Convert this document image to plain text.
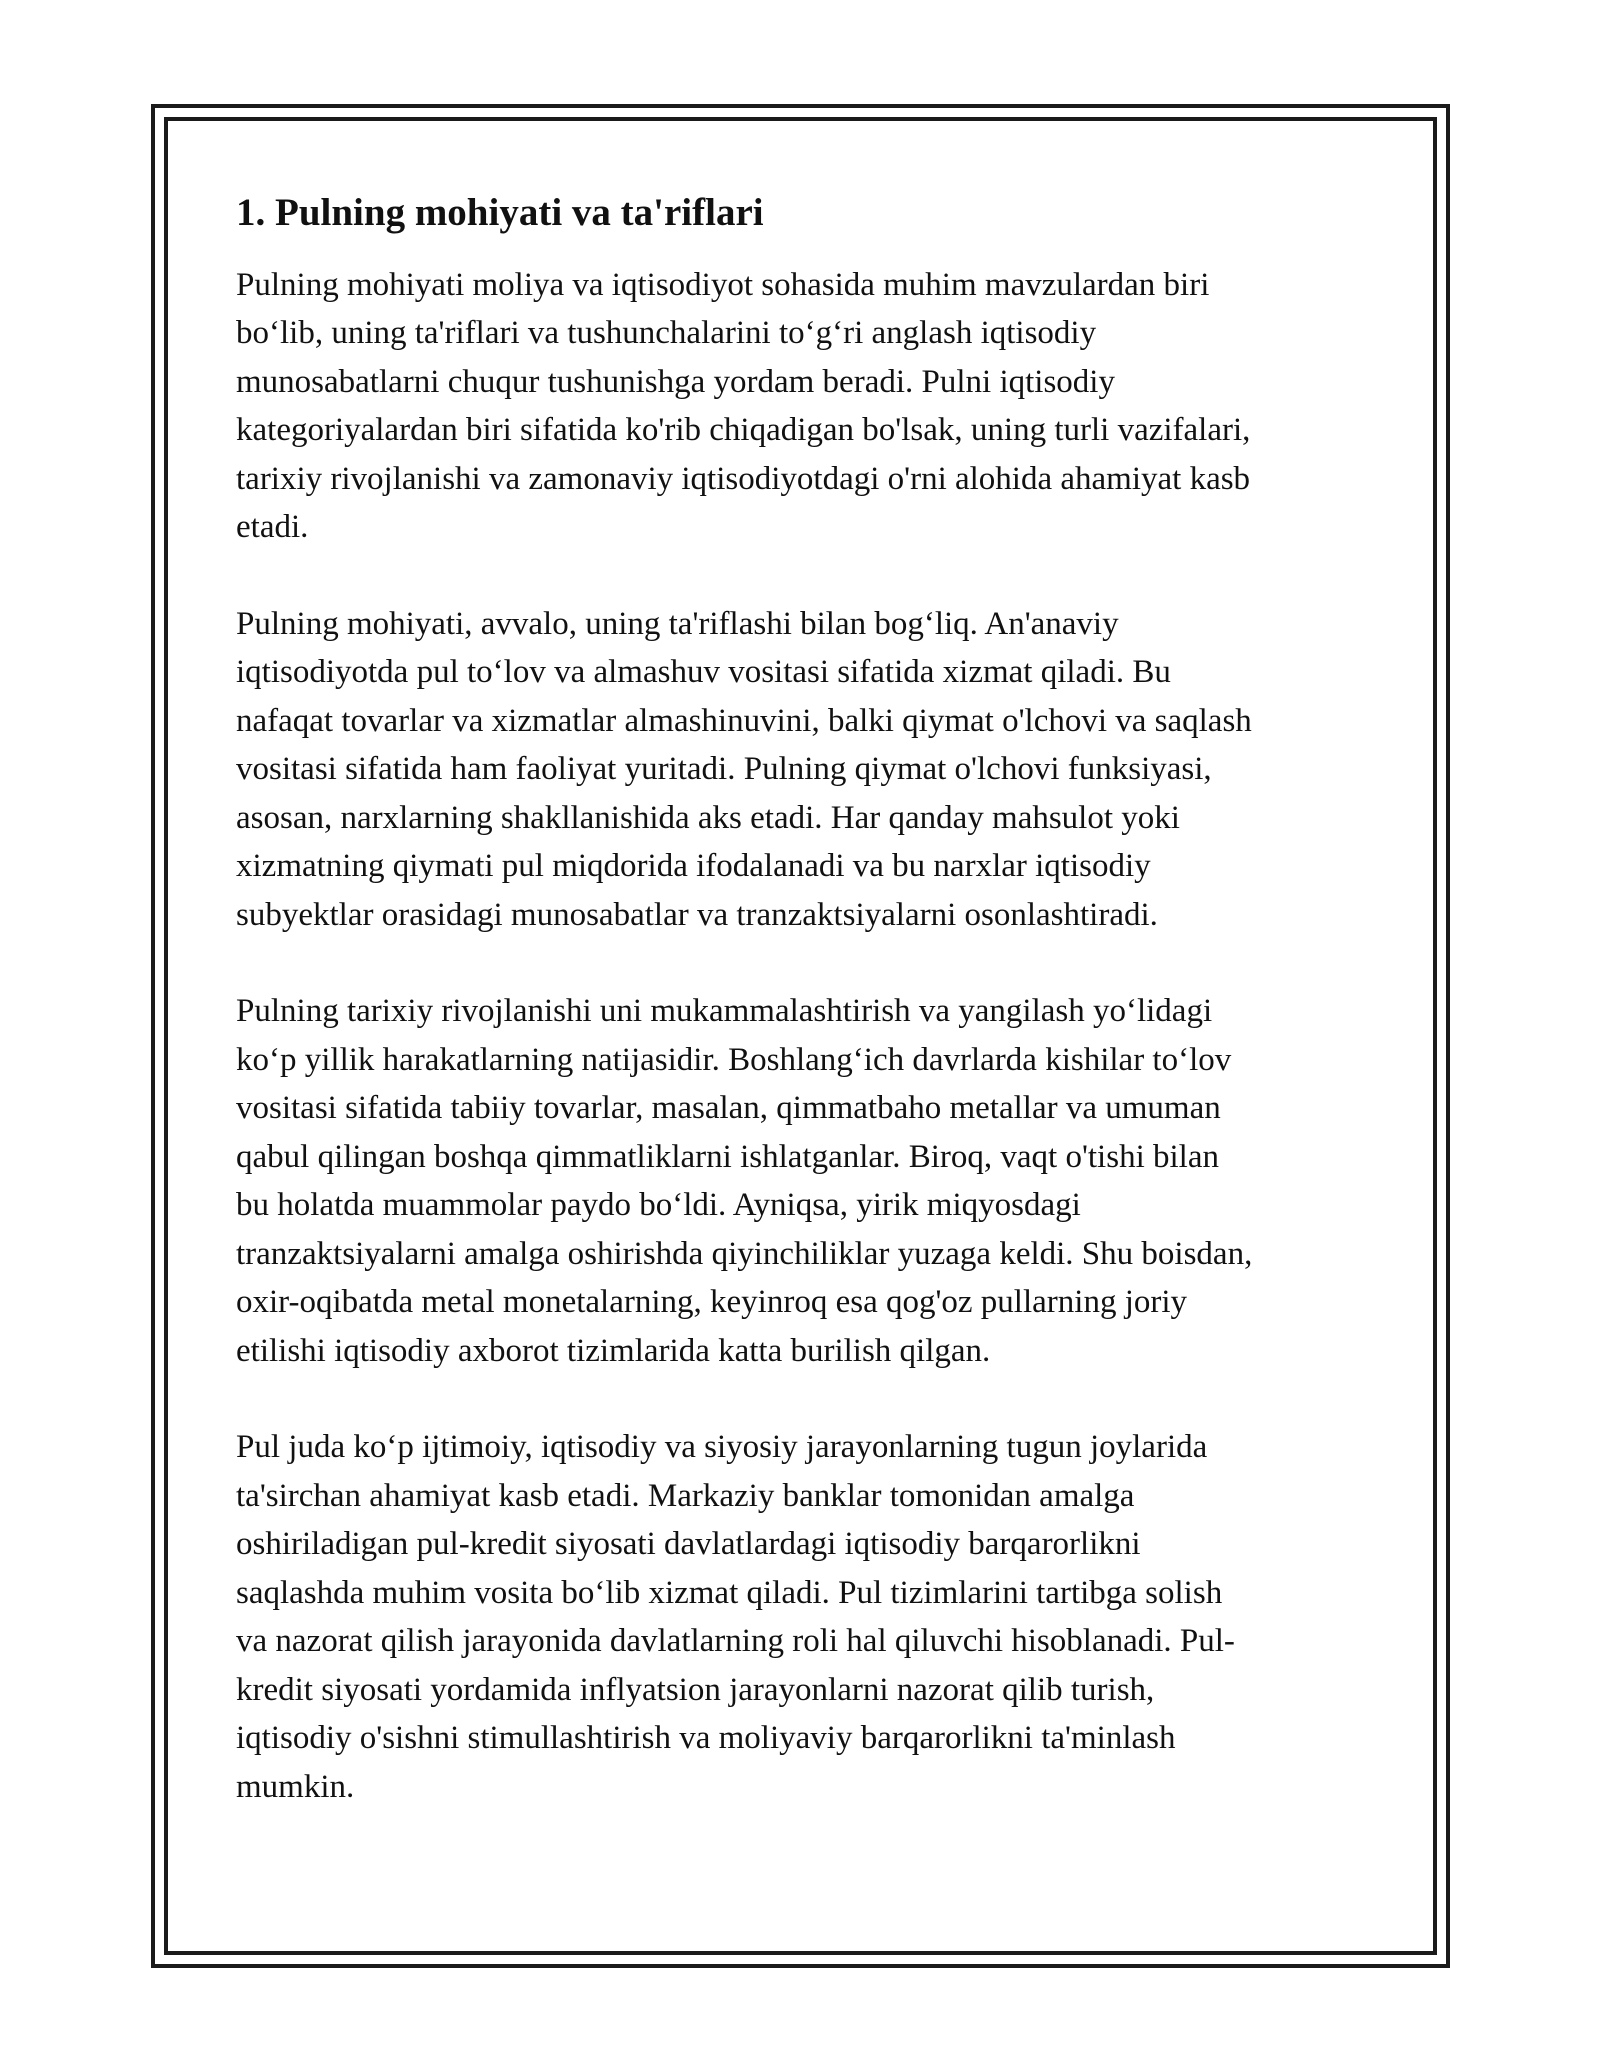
1. Pulning mohiyati va ta'riflari

Pulning mohiyati moliya va iqtisodiyot sohasida muhim mavzulardan biri
bo‘lib, uning ta'riflari va tushunchalarini to‘g‘ri anglash iqtisodiy
munosabatlarni chuqur tushunishga yordam beradi. Pulni iqtisodiy
kategoriyalardan biri sifatida ko'rib chiqadigan bo'lsak, uning turli vazifalari,
tarixiy rivojlanishi va zamonaviy iqtisodiyotdagi o'rni alohida ahamiyat kasb
etadi.

Pulning mohiyati, avvalo, uning ta'riflashi bilan bog‘liq. An'anaviy
iqtisodiyotda pul to‘lov va almashuv vositasi sifatida xizmat qiladi. Bu
nafaqat tovarlar va xizmatlar almashinuvini, balki qiymat o'lchovi va saqlash
vositasi sifatida ham faoliyat yuritadi. Pulning qiymat o'lchovi funksiyasi,
asosan, narxlarning shakllanishida aks etadi. Har qanday mahsulot yoki
xizmatning qiymati pul miqdorida ifodalanadi va bu narxlar iqtisodiy
subyektlar orasidagi munosabatlar va tranzaktsiyalarni osonlashtiradi.

Pulning tarixiy rivojlanishi uni mukammalashtirish va yangilash yo‘lidagi
ko‘p yillik harakatlarning natijasidir. Boshlang‘ich davrlarda kishilar to‘lov
vositasi sifatida tabiiy tovarlar, masalan, qimmatbaho metallar va umuman
qabul qilingan boshqa qimmatliklarni ishlatganlar. Biroq, vaqt o'tishi bilan
bu holatda muammolar paydo bo‘ldi. Ayniqsa, yirik miqyosdagi
tranzaktsiyalarni amalga oshirishda qiyinchiliklar yuzaga keldi. Shu boisdan,
oxir-oqibatda metal monetalarning, keyinroq esa qog'oz pullarning joriy
etilishi iqtisodiy axborot tizimlarida katta burilish qilgan.

Pul juda ko‘p ijtimoiy, iqtisodiy va siyosiy jarayonlarning tugun joylarida
ta'sirchan ahamiyat kasb etadi. Markaziy banklar tomonidan amalga
oshiriladigan pul-kredit siyosati davlatlardagi iqtisodiy barqarorlikni
saqlashda muhim vosita bo‘lib xizmat qiladi. Pul tizimlarini tartibga solish
va nazorat qilish jarayonida davlatlarning roli hal qiluvchi hisoblanadi. Pul-
kredit siyosati yordamida inflyatsion jarayonlarni nazorat qilib turish,
iqtisodiy o'sishni stimullashtirish va moliyaviy barqarorlikni ta'minlash
mumkin.
